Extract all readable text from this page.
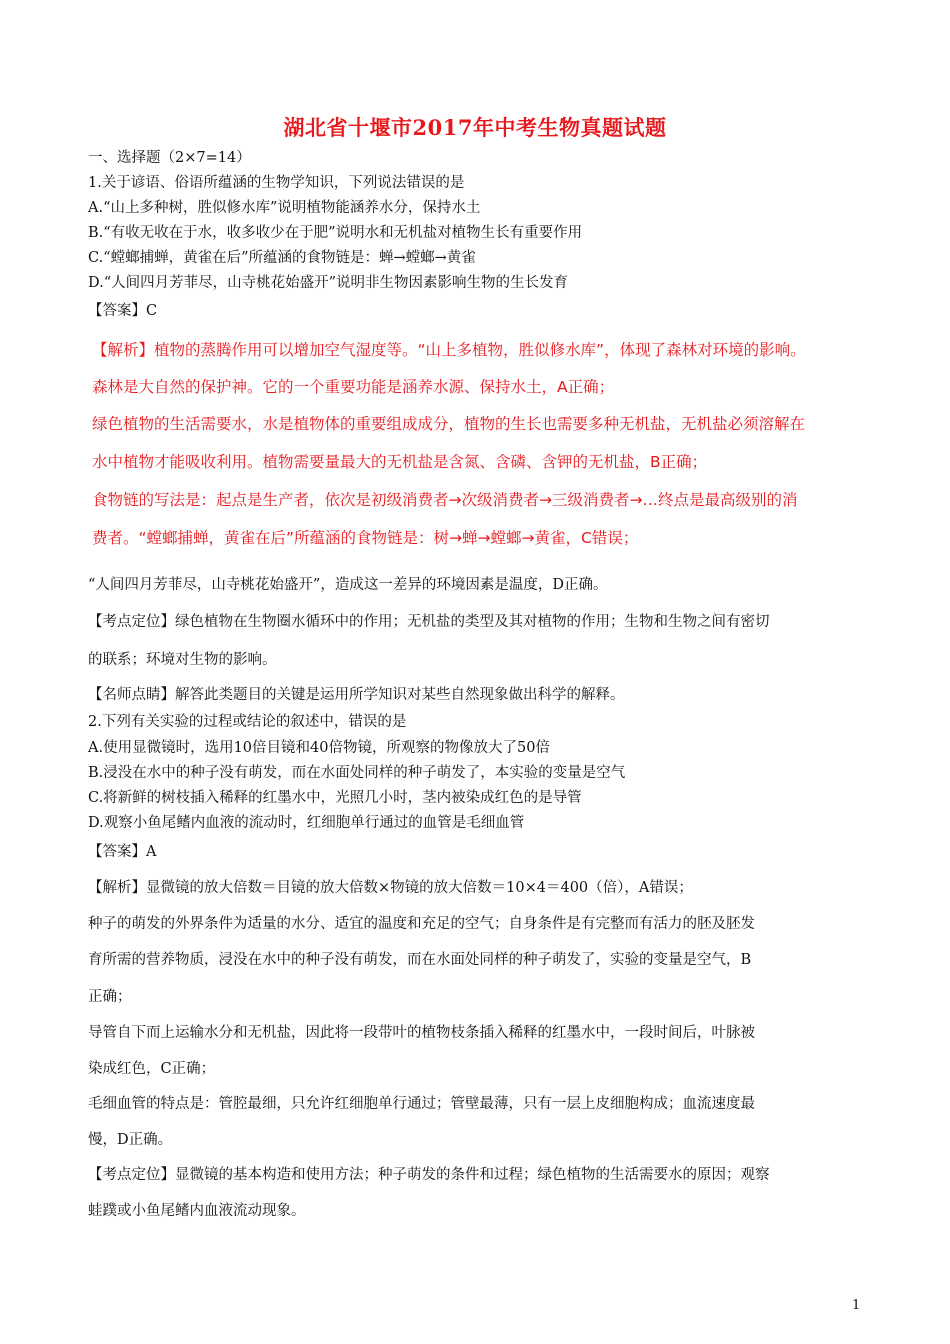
湖北省十堰市2017年中考生物真题试题
一、选择题（2×7=14）
1.关于谚语、俗语所蕴涵的生物学知识，下列说法错误的是
A.“山上多种树，胜似修水库”说明植物能涵养水分，保持水土
B.“有收无收在于水，收多收少在于肥”说明水和无机盐对植物生长有重要作用
C.“螳螂捕蝉，黄雀在后”所蕴涵的食物链是：蝉→螳螂→黄雀
D.“人间四月芳菲尽，山寺桃花始盛开”说明非生物因素影响生物的生长发育
【答案】C
【解析】植物的蒸腾作用可以增加空气湿度等。“山上多植物，胜似修水库”，体现了森林对环境的影响。
森林是大自然的保护神。它的一个重要功能是涵养水源、保持水土，A正确；
绿色植物的生活需要水，水是植物体的重要组成成分，植物的生长也需要多种无机盐，无机盐必须溶解在
水中植物才能吸收利用。植物需要量最大的无机盐是含氮、含磷、含钾的无机盐，B正确；
食物链的写法是：起点是生产者，依次是初级消费者→次级消费者→三级消费者→…终点是最高级别的消
费者。“螳螂捕蝉，黄雀在后”所蕴涵的食物链是：树→蝉→螳螂→黄雀，C错误；
“人间四月芳菲尽，山寺桃花始盛开”，造成这一差异的环境因素是温度，D正确。
【考点定位】绿色植物在生物圈水循环中的作用；无机盐的类型及其对植物的作用；生物和生物之间有密切
的联系；环境对生物的影响。
【名师点睛】解答此类题目的关键是运用所学知识对某些自然现象做出科学的解释。
2.下列有关实验的过程或结论的叙述中，错误的是
A.使用显微镜时，选用10倍目镜和40倍物镜，所观察的物像放大了50倍
B.浸没在水中的种子没有萌发，而在水面处同样的种子萌发了，本实验的变量是空气
C.将新鲜的树枝插入稀释的红墨水中，光照几小时，茎内被染成红色的是导管
D.观察小鱼尾鳍内血液的流动时，红细胞单行通过的血管是毛细血管
【答案】A
【解析】显微镜的放大倍数＝目镜的放大倍数×物镜的放大倍数＝10×4＝400（倍），A错误；
种子的萌发的外界条件为适量的水分、适宜的温度和充足的空气；自身条件是有完整而有活力的胚及胚发
育所需的营养物质，浸没在水中的种子没有萌发，而在水面处同样的种子萌发了，实验的变量是空气，B
正确；
导管自下而上运输水分和无机盐，因此将一段带叶的植物枝条插入稀释的红墨水中，一段时间后，叶脉被
染成红色，C正确；
毛细血管的特点是：管腔最细，只允许红细胞单行通过；管壁最薄，只有一层上皮细胞构成；血流速度最
慢，D正确。
【考点定位】显微镜的基本构造和使用方法；种子萌发的条件和过程；绿色植物的生活需要水的原因；观察
蛙蹼或小鱼尾鳍内血液流动现象。
1
